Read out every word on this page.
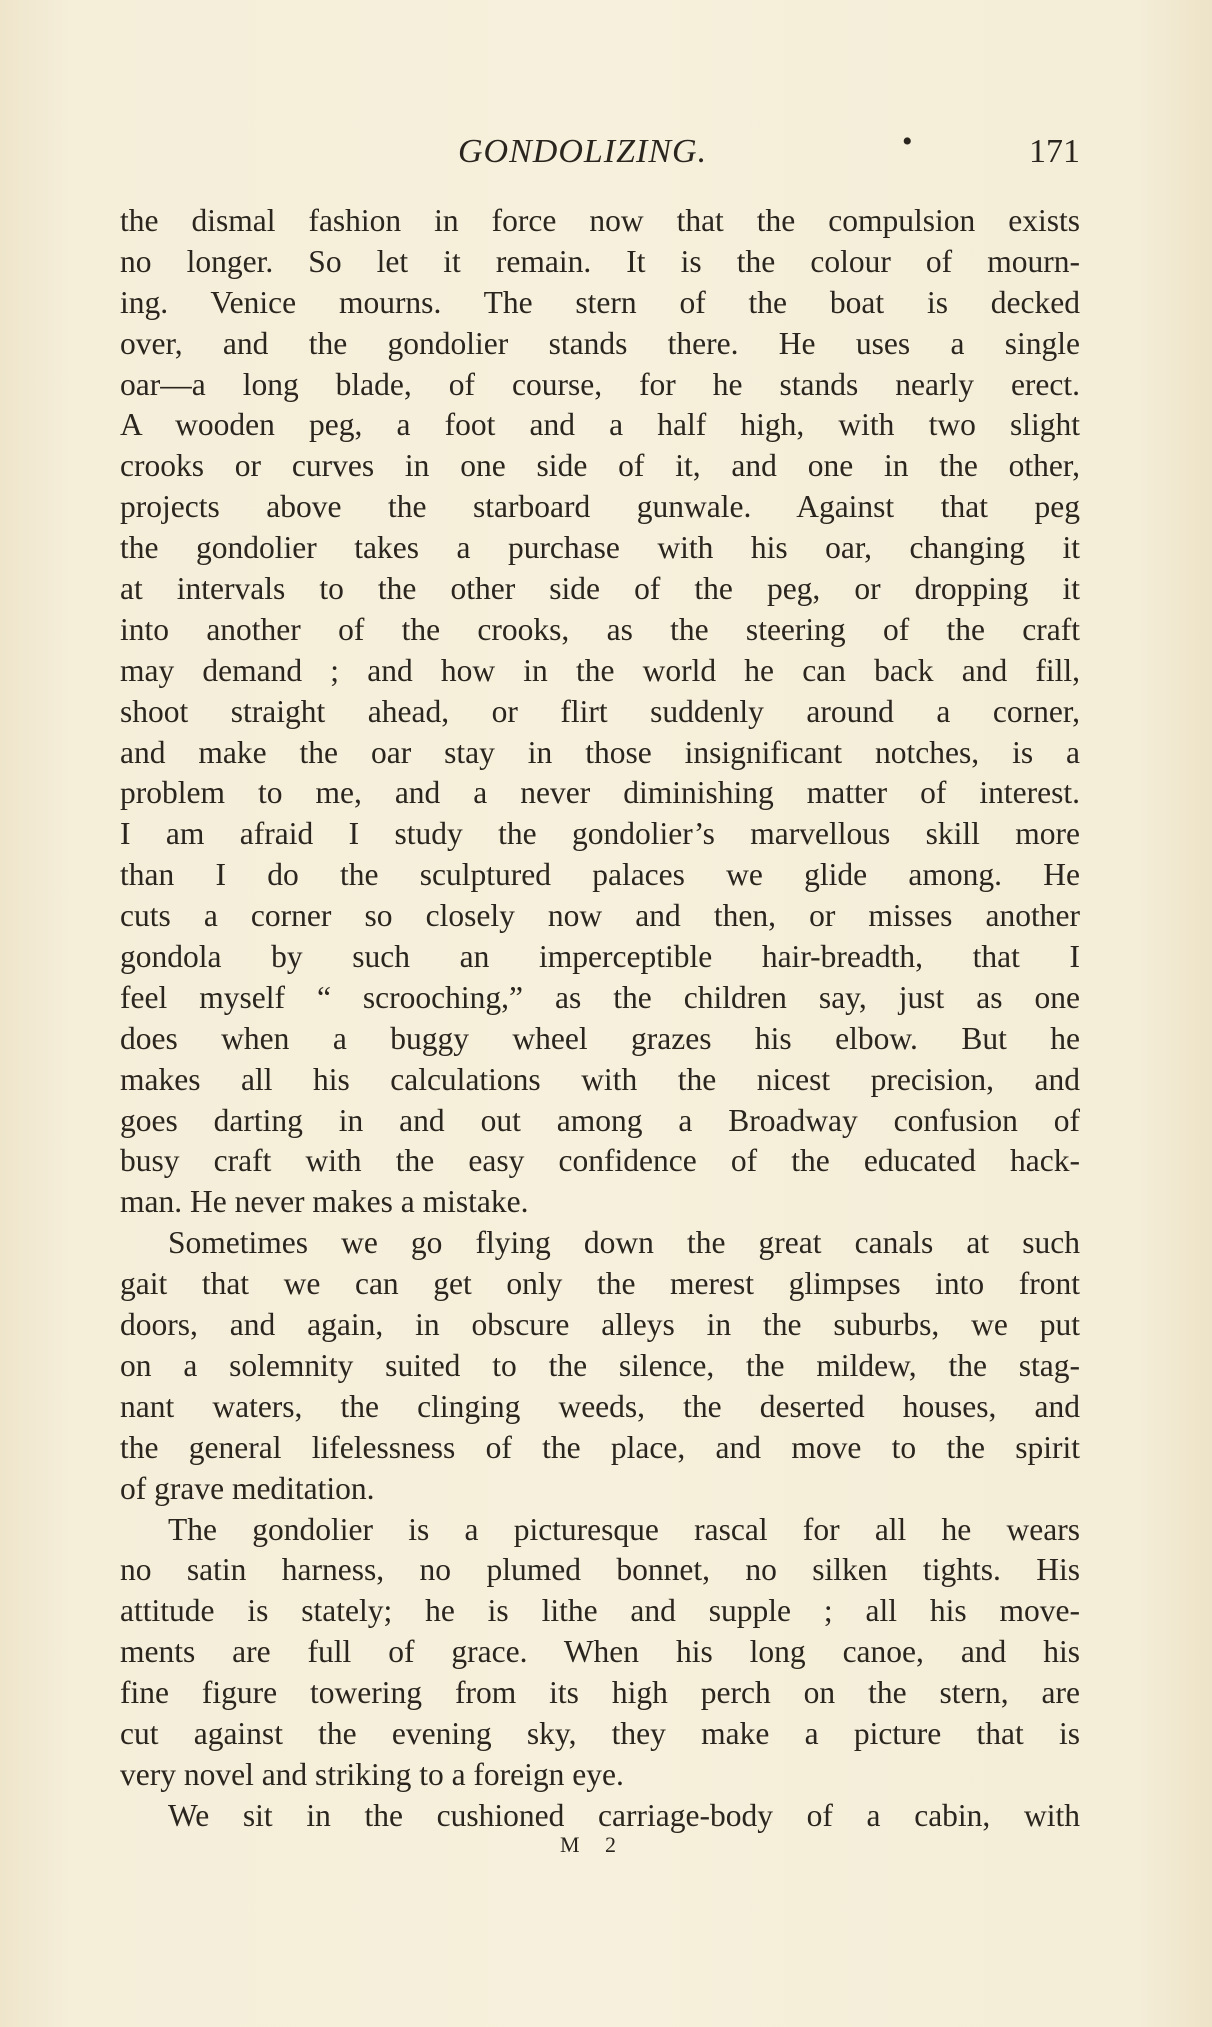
GONDOLIZING.	•	171
the dismal fashion in force now that the compulsion exists
no longer. So let it remain. It is the colour of mourn-
ing. Venice mourns. The stern of the boat is decked
over, and the gondolier stands there. He uses a single
oar—a long blade, of course, for he stands nearly erect.
A wooden peg, a foot and a half high, with two slight
crooks or curves in one side of it, and one in the other,
projects above the starboard gunwale. Against that peg
the gondolier takes a purchase with his oar, changing it
at intervals to the other side of the peg, or dropping it
into another of the crooks, as the steering of the craft
may demand ; and how in the world he can back and fill,
shoot straight ahead, or flirt suddenly around a corner,
and make the oar stay in those insignificant notches, is a
problem to me, and a never diminishing matter of interest.
I am afraid I study the gondolier’s marvellous skill more
than I do the sculptured palaces we glide among. He
cuts a corner so closely now and then, or misses another
gondola by such an imperceptible hair-breadth, that I
feel myself “ scrooching,” as the children say, just as one
does when a buggy wheel grazes his elbow. But he
makes all his calculations with the nicest precision, and
goes darting in and out among a Broadway confusion of
busy craft with the easy confidence of the educated hack-
man. He never makes a mistake.
Sometimes we go flying down the great canals at such
gait that we can get only the merest glimpses into front
doors, and again, in obscure alleys in the suburbs, we put
on a solemnity suited to the silence, the mildew, the stag-
nant waters, the clinging weeds, the deserted houses, and
the general lifelessness of the place, and move to the spirit
of grave meditation.
The gondolier is a picturesque rascal for all he wears
no satin harness, no plumed bonnet, no silken tights. His
attitude is stately; he is lithe and supple ; all his move-
ments are full of grace. When his long canoe, and his
fine figure towering from its high perch on the stern, are
cut against the evening sky, they make a picture that is
very novel and striking to a foreign eye.
We sit in the cushioned carriage-body of a cabin, with
M 2
